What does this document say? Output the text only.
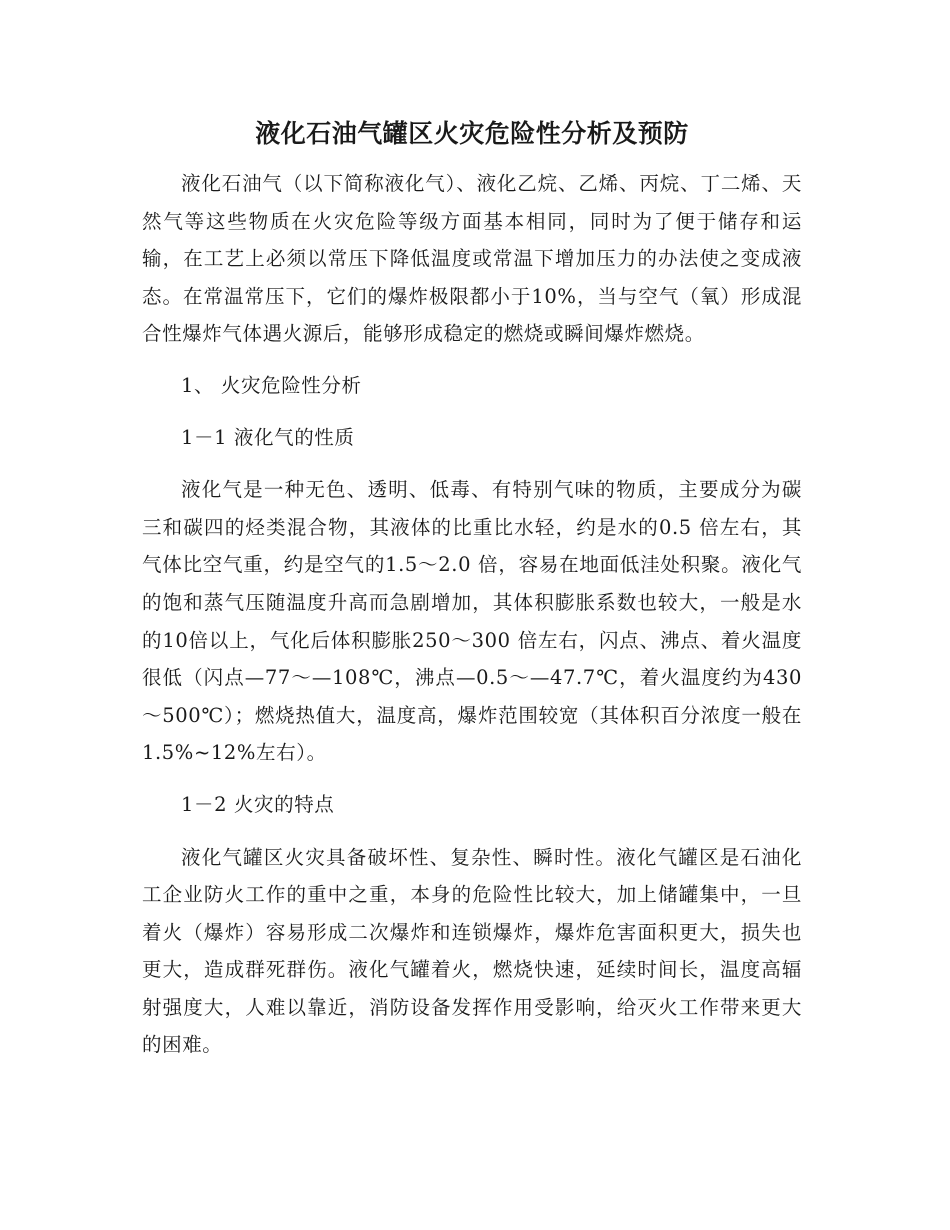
液化石油气罐区火灾危险性分析及预防

液化石油气（以下简称液化气）、液化乙烷、乙烯、丙烷、丁二烯、天然气等这些物质在火灾危险等级方面基本相同，同时为了便于储存和运输，在工艺上必须以常压下降低温度或常温下增加压力的办法使之变成液态。在常温常压下，它们的爆炸极限都小于10%，当与空气（氧）形成混合性爆炸气体遇火源后，能够形成稳定的燃烧或瞬间爆炸燃烧。

1、 火灾危险性分析

1－1 液化气的性质

液化气是一种无色、透明、低毒、有特别气味的物质，主要成分为碳三和碳四的烃类混合物，其液体的比重比水轻，约是水的0.5 倍左右，其气体比空气重，约是空气的1.5～2.0 倍，容易在地面低洼处积聚。液化气的饱和蒸气压随温度升高而急剧增加，其体积膨胀系数也较大，一般是水的10倍以上，气化后体积膨胀250～300 倍左右，闪点、沸点、着火温度很低（闪点—77～—108℃，沸点—0.5～—47.7℃，着火温度约为430～500℃）；燃烧热值大，温度高，爆炸范围较宽（其体积百分浓度一般在1.5%~12%左右）。

1－2 火灾的特点

液化气罐区火灾具备破坏性、复杂性、瞬时性。液化气罐区是石油化工企业防火工作的重中之重，本身的危险性比较大，加上储罐集中，一旦着火（爆炸）容易形成二次爆炸和连锁爆炸，爆炸危害面积更大，损失也更大，造成群死群伤。液化气罐着火，燃烧快速，延续时间长，温度高辐射强度大，人难以靠近，消防设备发挥作用受影响，给灭火工作带来更大的困难。
